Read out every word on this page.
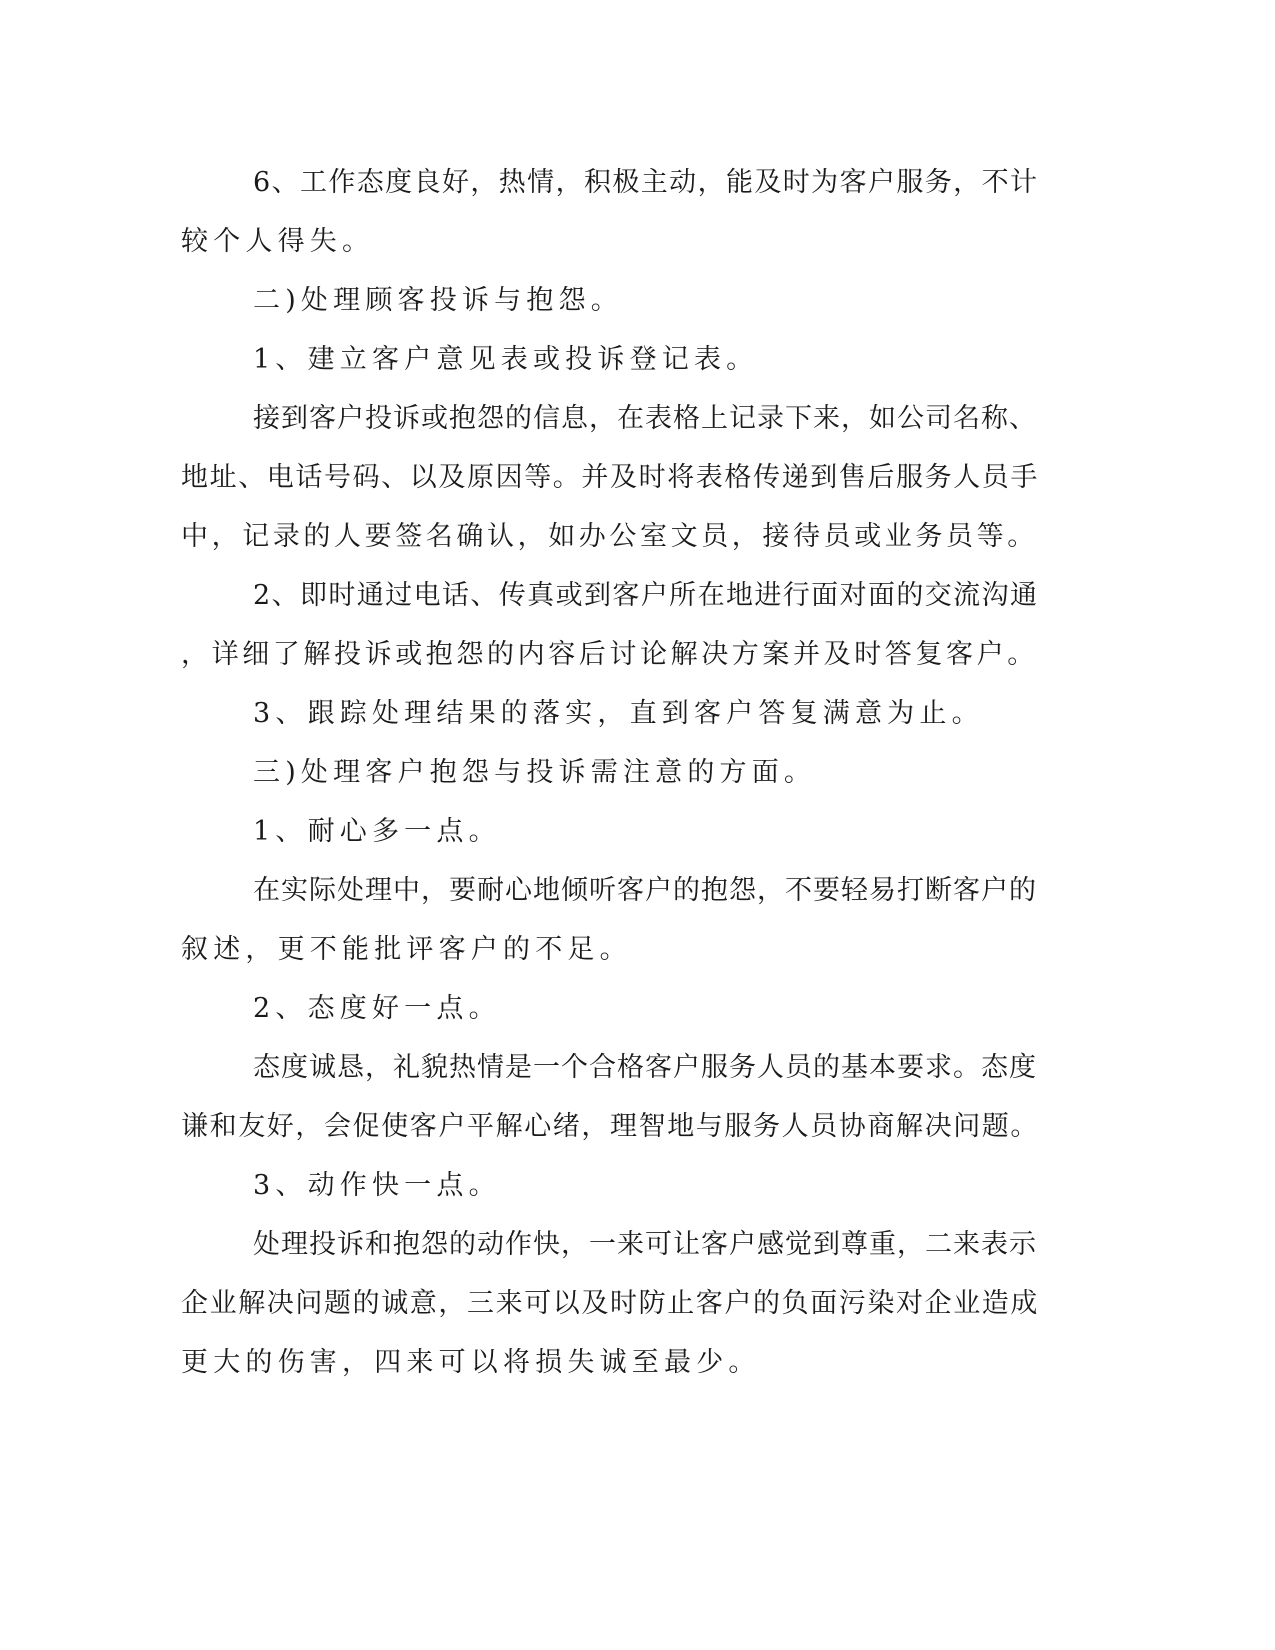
6、工作态度良好，热情，积极主动，能及时为客户服务，不计
较个人得失。
二)处理顾客投诉与抱怨。
1、建立客户意见表或投诉登记表。
接到客户投诉或抱怨的信息，在表格上记录下来，如公司名称、
地址、电话号码、以及原因等。并及时将表格传递到售后服务人员手
中，记录的人要签名确认，如办公室文员，接待员或业务员等。
2、即时通过电话、传真或到客户所在地进行面对面的交流沟通
，详细了解投诉或抱怨的内容后讨论解决方案并及时答复客户。
3、跟踪处理结果的落实，直到客户答复满意为止。
三)处理客户抱怨与投诉需注意的方面。
1、耐心多一点。
在实际处理中，要耐心地倾听客户的抱怨，不要轻易打断客户的
叙述，更不能批评客户的不足。
2、态度好一点。
态度诚恳，礼貌热情是一个合格客户服务人员的基本要求。态度
谦和友好，会促使客户平解心绪，理智地与服务人员协商解决问题。
3、动作快一点。
处理投诉和抱怨的动作快，一来可让客户感觉到尊重，二来表示
企业解决问题的诚意，三来可以及时防止客户的负面污染对企业造成
更大的伤害，四来可以将损失诚至最少。
